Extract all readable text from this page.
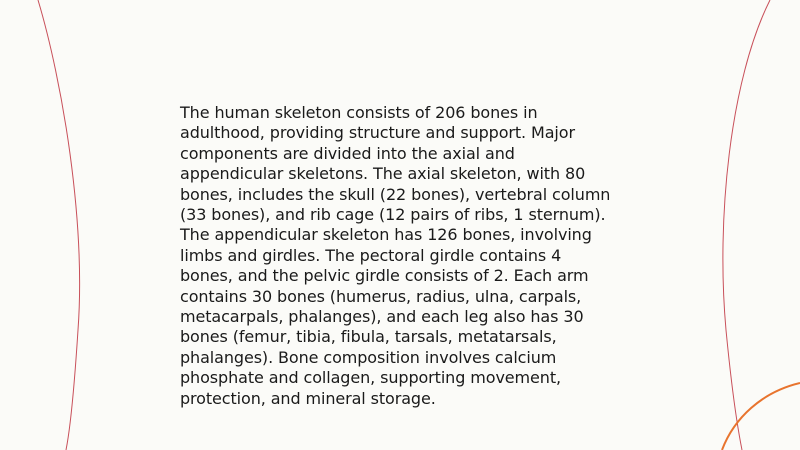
The human skeleton consists of 206 bones in
adulthood, providing structure and support. Major
components are divided into the axial and
appendicular skeletons. The axial skeleton, with 80
bones, includes the skull (22 bones), vertebral column
(33 bones), and rib cage (12 pairs of ribs, 1 sternum).
The appendicular skeleton has 126 bones, involving
limbs and girdles. The pectoral girdle contains 4
bones, and the pelvic girdle consists of 2. Each arm
contains 30 bones (humerus, radius, ulna, carpals,
metacarpals, phalanges), and each leg also has 30
bones (femur, tibia, fibula, tarsals, metatarsals,
phalanges). Bone composition involves calcium
phosphate and collagen, supporting movement,
protection, and mineral storage.
